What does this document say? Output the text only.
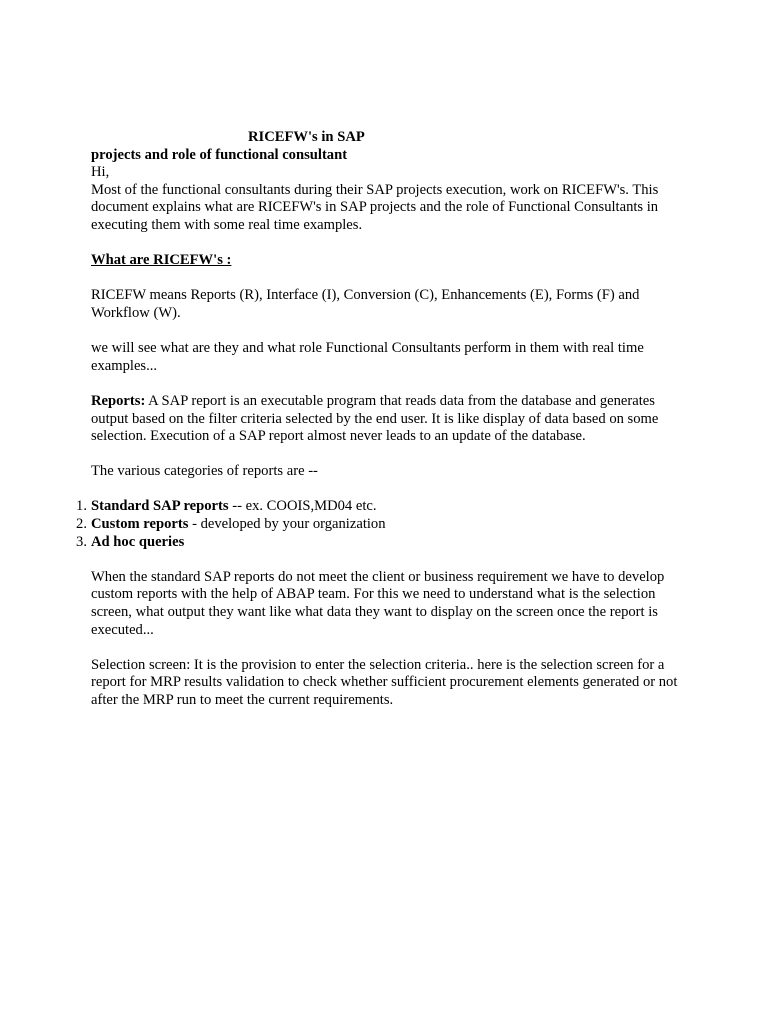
RICEFW's in SAP

projects and role of functional consultant

Hi,

Most of the functional consultants during their SAP projects execution, work on RICEFW's. This document explains what are RICEFW's in SAP projects and the role of Functional Consultants in executing them with some real time examples.

What are RICEFW's :

RICEFW means Reports (R), Interface (I), Conversion (C), Enhancements (E), Forms (F) and Workflow (W).

we will see what are they and what role Functional Consultants perform in them with real time examples...

Reports: A SAP report is an executable program that reads data from the database and generates output based on the filter criteria selected by the end user. It is like display of data based on some selection. Execution of a SAP report almost never leads to an update of the database.

The various categories of reports are --

1. Standard SAP reports -- ex. COOIS,MD04 etc.
2. Custom reports - developed by your organization
3. Ad hoc queries

When the standard SAP reports do not meet the client or business requirement we have to develop custom reports with the help of ABAP team. For this we need to understand what is the selection screen, what output they want like what data they want to display on the screen once the report is executed...

Selection screen: It is the provision to enter the selection criteria.. here is the selection screen for a report for MRP results validation to check whether sufficient procurement elements generated or not after the MRP run to meet the current requirements.
